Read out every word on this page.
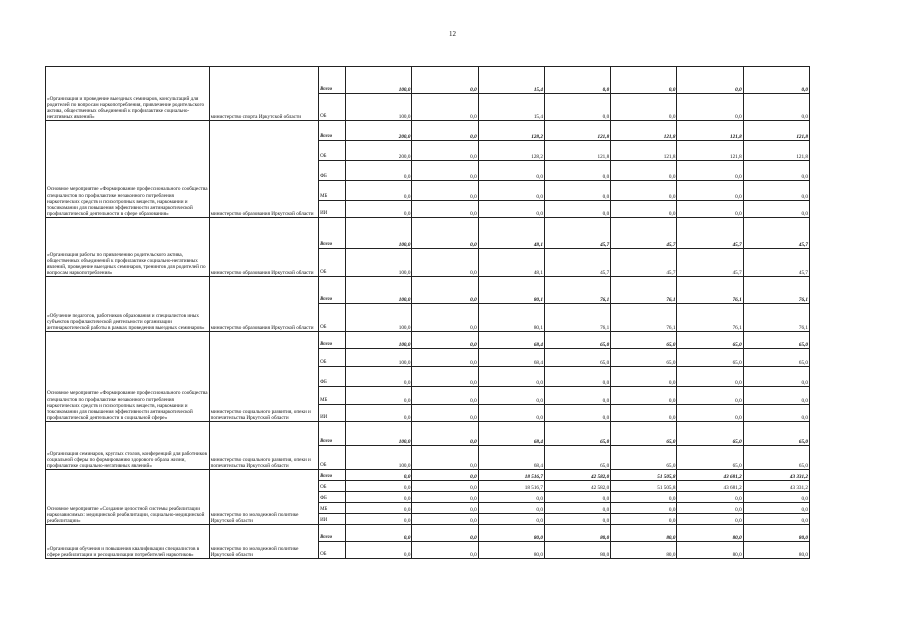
12
«Организация и проведение выездных семинаров, консультаций для родителей по вопросам наркопотребления, привлечение родительского актива, общественных объединений к профилактике социально-негативных явлений»	министерство спорта Иркутской области	Всего	100,0	0,0	15,4	0,0	0,0	0,0	0,0
		ОБ	100,0	0,0	15,4	0,0	0,0	0,0	0,0
Основное мероприятие «Формирование профессионального сообщества специалистов по профилактике незаконного потребления наркотических средств и психотропных веществ, наркомании и токсикомании для повышения эффективности антинаркотической профилактической деятельности в сфере образования»	министерство образования Иркутской области	Всего	200,0	0,0	128,2	121,8	121,8	121,8	121,8
		ОБ	200,0	0,0	128,2	121,8	121,8	121,8	121,8
		ФБ	0,0	0,0	0,0	0,0	0,0	0,0	0,0
		МБ	0,0	0,0	0,0	0,0	0,0	0,0	0,0
		ИИ	0,0	0,0	0,0	0,0	0,0	0,0	0,0
«Организация работы по привлечению родительского актива, общественных объединений к профилактике социально-негативных явлений, проведение выездных семинаров, тренингов для родителей по вопросам наркопотребления»	министерство образования Иркутской области	Всего	100,0	0,0	48,1	45,7	45,7	45,7	45,7
		ОБ	100,0	0,0	48,1	45,7	45,7	45,7	45,7
«Обучение педагогов, работников образования и специалистов иных субъектов профилактической деятельности организации антинаркотической работы в рамках проведения выездных семинаров»	министерство образования Иркутской области	Всего	100,0	0,0	80,1	76,1	76,1	76,1	76,1
		ОБ	100,0	0,0	80,1	76,1	76,1	76,1	76,1
Основное мероприятие «Формирование профессионального сообщества специалистов по профилактике незаконного потребления наркотических средств и психотропных веществ, наркомании и токсикомании для повышения эффективности антинаркотической профилактической деятельности в социальной сфере»	министерство социального развития, опеки и попечительства Иркутской области	Всего	100,0	0,0	68,4	65,0	65,0	65,0	65,0
		ОБ	100,0	0,0	68,4	65,0	65,0	65,0	65,0
		ФБ	0,0	0,0	0,0	0,0	0,0	0,0	0,0
		МБ	0,0	0,0	0,0	0,0	0,0	0,0	0,0
		ИИ	0,0	0,0	0,0	0,0	0,0	0,0	0,0
«Организация семинаров, круглых столов, конференций для работников социальной сферы по формированию здорового образа жизни, профилактике социально-негативных явлений»	министерство социального развития, опеки и попечительства Иркутской области	Всего	100,0	0,0	68,4	65,0	65,0	65,0	65,0
		ОБ	100,0	0,0	68,4	65,0	65,0	65,0	65,0
Основное мероприятие «Создание целостной системы реабилитации наркозависимых: медицинской реабилитации, социально-медицинской реабилитации»	министерство по молодежной политике Иркутской области	Всего	0,0	0,0	18 516,7	42 582,0	51 505,8	43 681,2	43 331,2
		ОБ	0,0	0,0	18 516,7	42 582,0	51 505,8	43 681,2	43 331,2
		ФБ	0,0	0,0	0,0	0,0	0,0	0,0	0,0
		МБ	0,0	0,0	0,0	0,0	0,0	0,0	0,0
		ИИ	0,0	0,0	0,0	0,0	0,0	0,0	0,0
«Организация обучения и повышения квалификации специалистов в сфере реабилитации и ресоциализации потребителей наркотиков»	министерство по молодежной политике Иркутской области	Всего	0,0	0,0	80,0	80,0	80,0	80,0	80,0
		ОБ	0,0	0,0	80,0	80,0	80,0	80,0	80,0
